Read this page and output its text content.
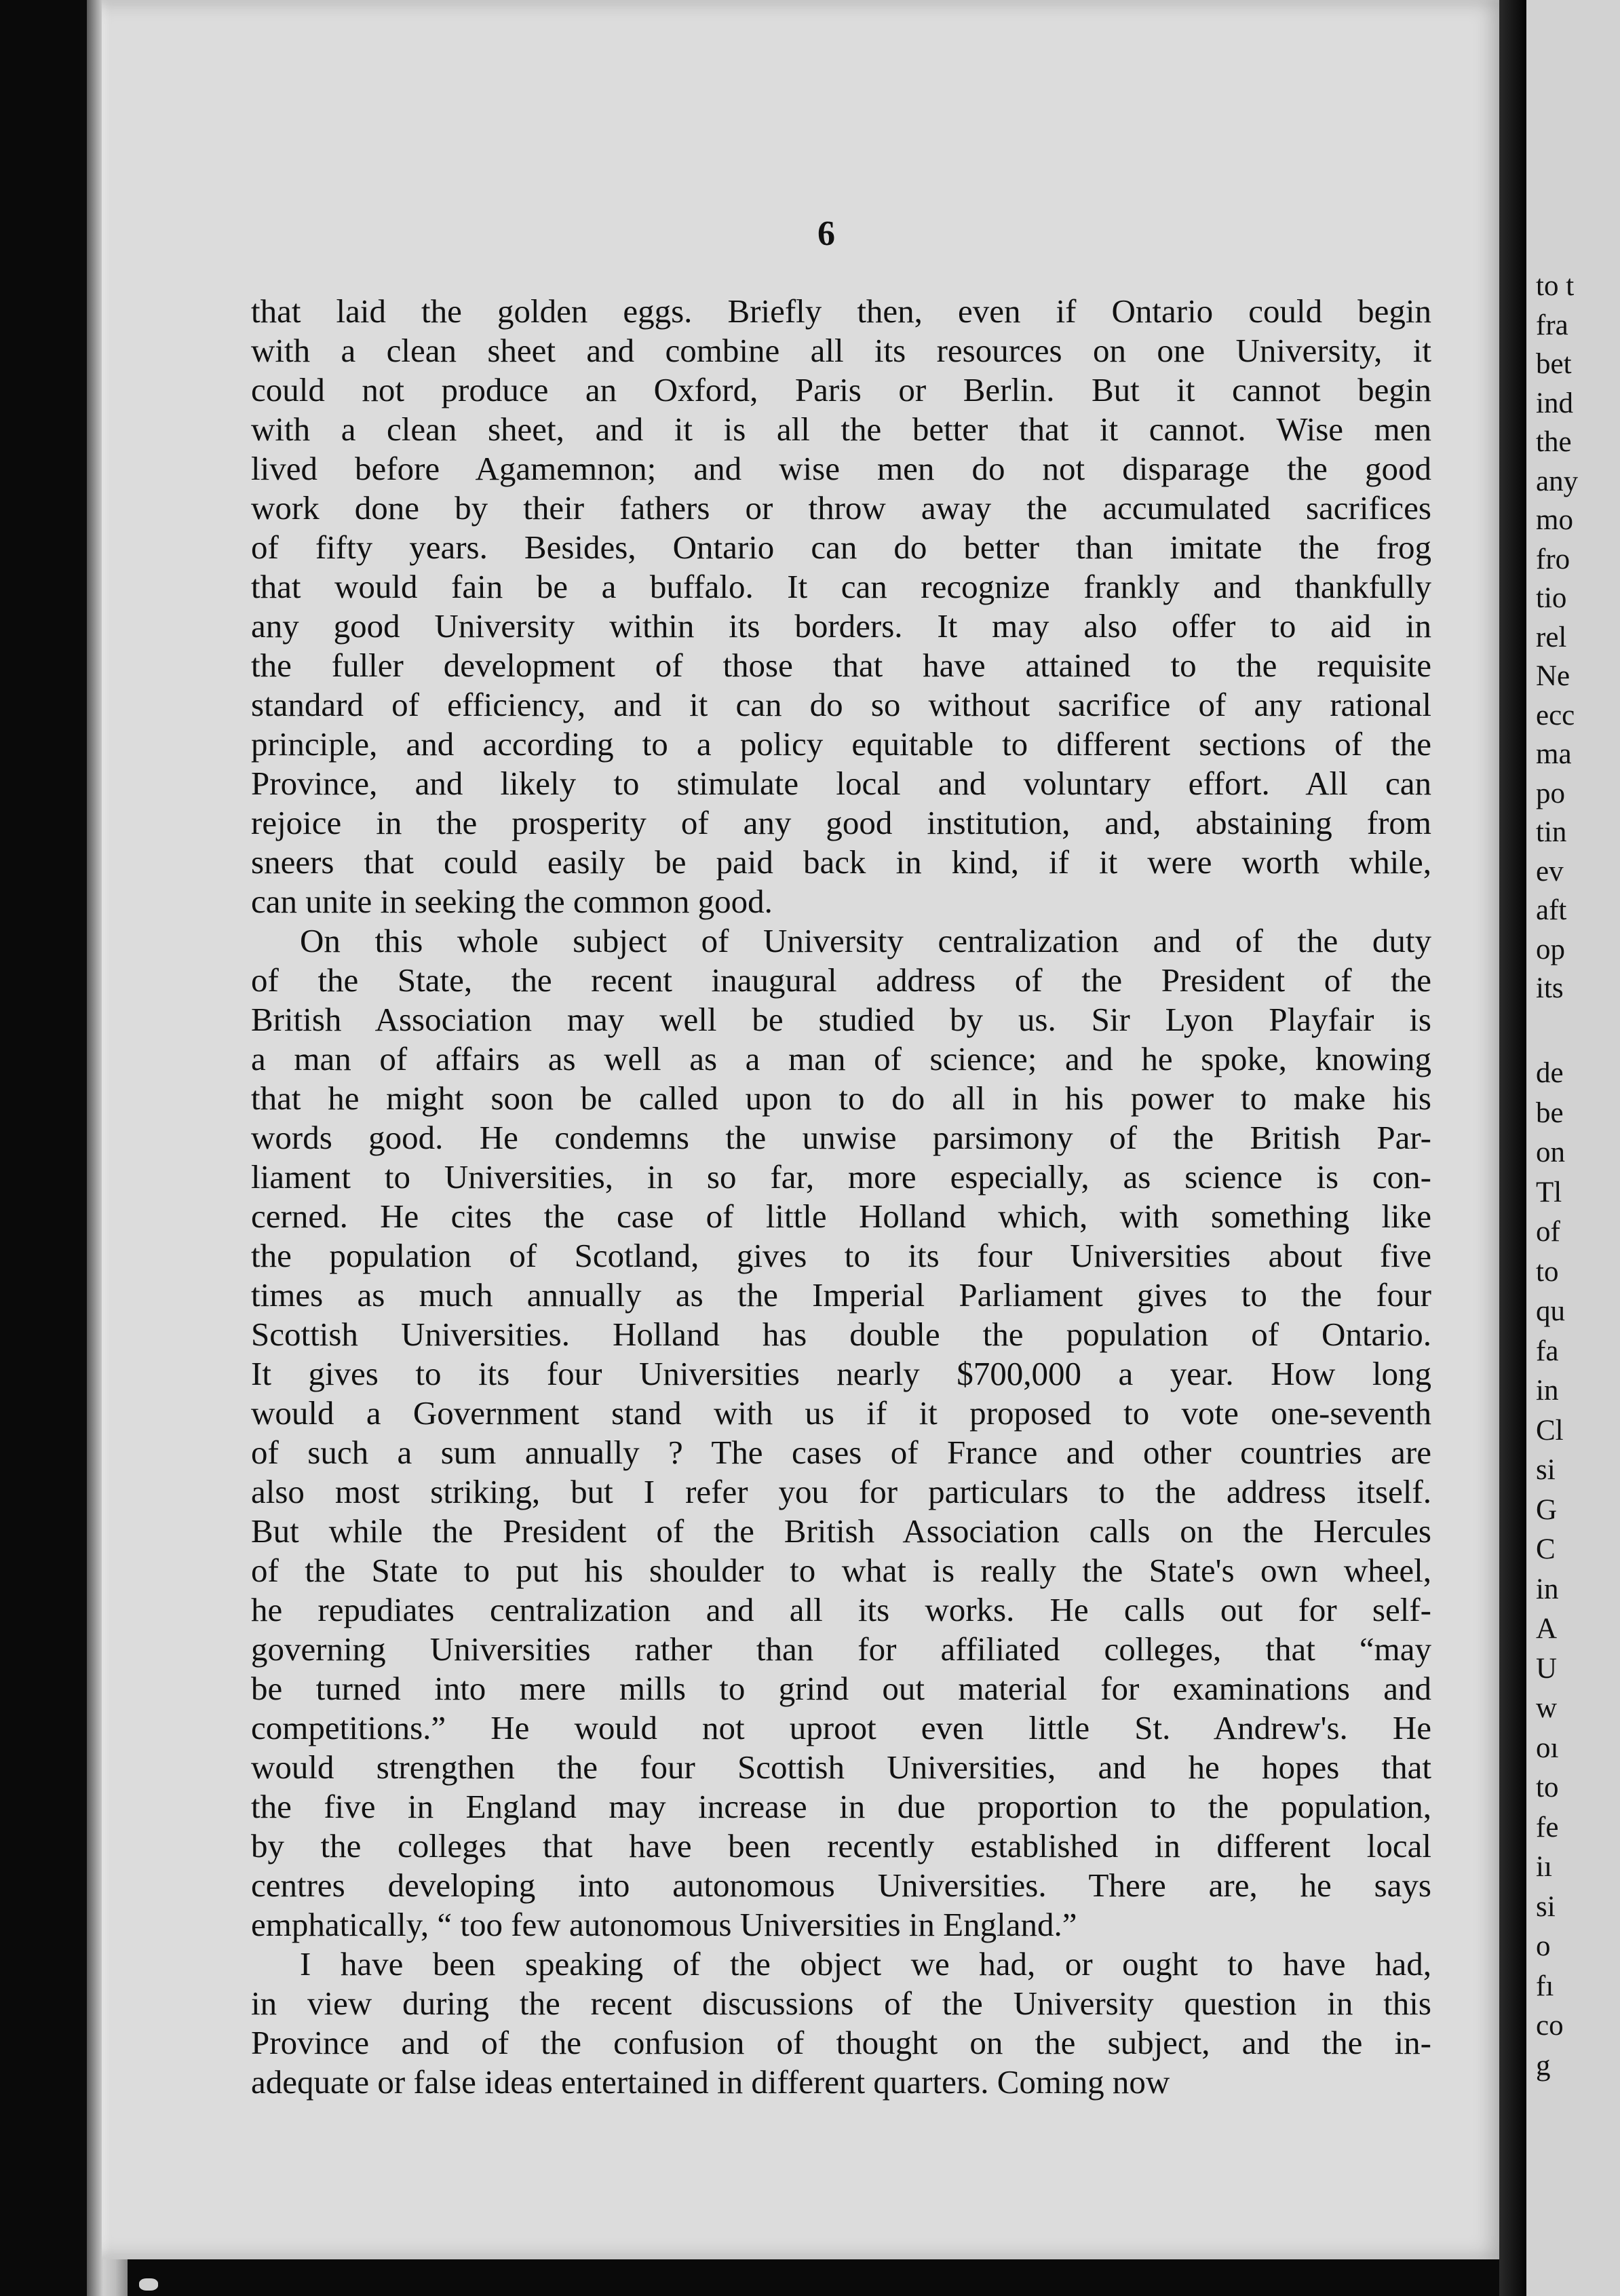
to t
fra
bet
ind
the
any
mo
fro
tio
rel
Ne
ecc
ma
po
tin
ev
aft
op
its
de
be
on
Tl
of
to
qu
fa
in
Cl
si
G
C
in
A
U
w
oı
to
fe
iı
si
o
fı
co
g

6

that laid the golden eggs. Briefly then, even if Ontario could begin
with a clean sheet and combine all its resources on one University, it
could not produce an Oxford, Paris or Berlin. But it cannot begin
with a clean sheet, and it is all the better that it cannot. Wise men
lived before Agamemnon; and wise men do not disparage the good
work done by their fathers or throw away the accumulated sacrifices
of fifty years. Besides, Ontario can do better than imitate the frog
that would fain be a buffalo. It can recognize frankly and thankfully
any good University within its borders. It may also offer to aid in
the fuller development of those that have attained to the requisite
standard of efficiency, and it can do so without sacrifice of any rational
principle, and according to a policy equitable to different sections of the
Province, and likely to stimulate local and voluntary effort. All can
rejoice in the prosperity of any good institution, and, abstaining from
sneers that could easily be paid back in kind, if it were worth while,
can unite in seeking the common good.
On this whole subject of University centralization and of the duty
of the State, the recent inaugural address of the President of the
British Association may well be studied by us. Sir Lyon Playfair is
a man of affairs as well as a man of science; and he spoke, knowing
that he might soon be called upon to do all in his power to make his
words good. He condemns the unwise parsimony of the British Par-
liament to Universities, in so far, more especially, as science is con-
cerned. He cites the case of little Holland which, with something like
the population of Scotland, gives to its four Universities about five
times as much annually as the Imperial Parliament gives to the four
Scottish Universities. Holland has double the population of Ontario.
It gives to its four Universities nearly $700,000 a year. How long
would a Government stand with us if it proposed to vote one-seventh
of such a sum annually ? The cases of France and other countries are
also most striking, but I refer you for particulars to the address itself.
But while the President of the British Association calls on the Hercules
of the State to put his shoulder to what is really the State's own wheel,
he repudiates centralization and all its works. He calls out for self-
governing Universities rather than for affiliated colleges, that “may
be turned into mere mills to grind out material for examinations and
competitions.” He would not uproot even little St. Andrew's. He
would strengthen the four Scottish Universities, and he hopes that
the five in England may increase in due proportion to the population,
by the colleges that have been recently established in different local
centres developing into autonomous Universities. There are, he says
emphatically, “ too few autonomous Universities in England.”
I have been speaking of the object we had, or ought to have had,
in view during the recent discussions of the University question in this
Province and of the confusion of thought on the subject, and the in-
adequate or false ideas entertained in different quarters. Coming now
